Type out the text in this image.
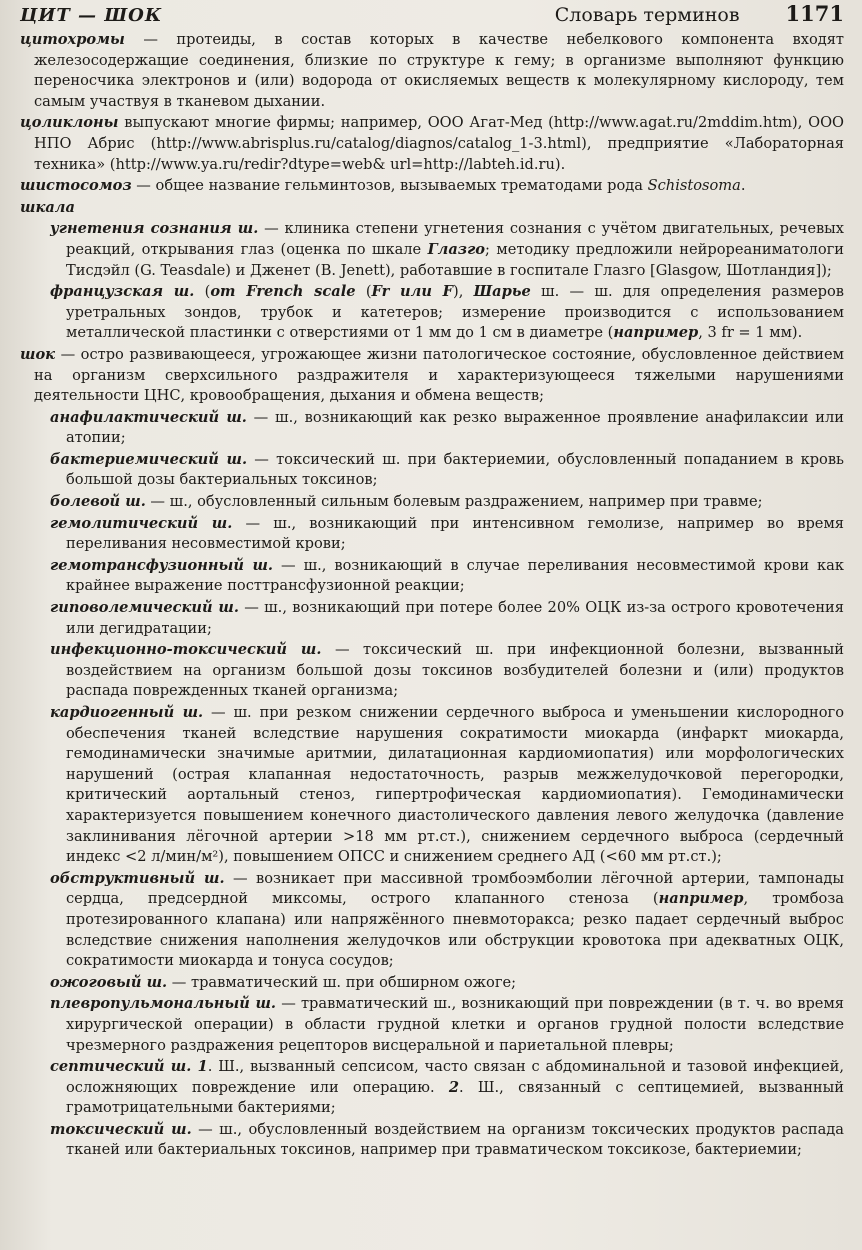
ЦИТ — ШОК	Словарь терминов 1171

цитохромы — протеиды, в состав которых в качестве небелкового компонента входят железосодержащие соединения, близкие по структуре к гему; в организме выполняют функцию переносчика электронов и (или) водорода от окисляемых веществ к молекулярному кислороду, тем самым участвуя в тканевом дыхании.

цоликлоны выпускают многие фирмы; например, ООО Агат-Мед (http://www.agat.ru/2mddim.htm), ООО НПО Абрис (http://www.abrisplus.ru/catalog/diagnos/catalog_1-3.html), предприятие «Лабораторная техника» (http://www.ya.ru/redir?dtype=web& url=http://labteh.id.ru).

шистосомоз — общее название гельминтозов, вызываемых трематодами рода Schistosoma.

шкала

угнетения сознания ш. — клиника степени угнетения сознания с учётом двигательных, речевых реакций, открывания глаз (оценка по шкале Глазго; методику предложили нейрореаниматологи Тисдэйл (G. Teasdale) и Дженет (B. Jenett), работавшие в госпитале Глазго [Glasgow, Шотландия]);

французская ш. (от French scale (Fr или F), Шарье ш. — ш. для определения размеров уретральных зондов, трубок и катетеров; измерение производится с использованием металлической пластинки с отверстиями от 1 мм до 1 см в диаметре (например, 3 fr = 1 мм).

шок — остро развивающееся, угрожающее жизни патологическое состояние, обусловленное действием на организм сверхсильного раздражителя и характеризующееся тяжелыми нарушениями деятельности ЦНС, кровообращения, дыхания и обмена веществ;

анафилактический ш. — ш., возникающий как резко выраженное проявление анафилаксии или атопии;

бактериемический ш. — токсический ш. при бактериемии, обусловленный попаданием в кровь большой дозы бактериальных токсинов;

болевой ш. — ш., обусловленный сильным болевым раздражением, например при травме;

гемолитический ш. — ш., возникающий при интенсивном гемолизе, например во время переливания несовместимой крови;

гемотрансфузионный ш. — ш., возникающий в случае переливания несовместимой крови как крайнее выражение посттрансфузионной реакции;

гиповолемический ш. — ш., возникающий при потере более 20% ОЦК из-за острого кровотечения или дегидратации;

инфекционно-токсический ш. — токсический ш. при инфекционной болезни, вызванный воздействием на организм большой дозы токсинов возбудителей болезни и (или) продуктов распада поврежденных тканей организма;

кардиогенный ш. — ш. при резком снижении сердечного выброса и уменьшении кислородного обеспечения тканей вследствие нарушения сократимости миокарда (инфаркт миокарда, гемодинамически значимые аритмии, дилатационная кардиомиопатия) или морфологических нарушений (острая клапанная недостаточность, разрыв межжелудочковой перегородки, критический аортальный стеноз, гипертрофическая кардиомиопатия). Гемодинамически характеризуется повышением конечного диастолического давления левого желудочка (давление заклинивания лёгочной артерии >18 мм рт.ст.), снижением сердечного выброса (сердечный индекс <2 л/мин/м²), повышением ОПСС и снижением среднего АД (<60 мм рт.ст.);

обструктивный ш. — возникает при массивной тромбоэмболии лёгочной артерии, тампонады сердца, предсердной миксомы, острого клапанного стеноза (например, тромбоза протезированного клапана) или напряжённого пневмоторакса; резко падает сердечный выброс вследствие снижения наполнения желудочков или обструкции кровотока при адекватных ОЦК, сократимости миокарда и тонуса сосудов;

ожоговый ш. — травматический ш. при обширном ожоге;

плевропульмональный ш. — травматический ш., возникающий при повреждении (в т. ч. во время хирургической операции) в области грудной клетки и органов грудной полости вследствие чрезмерного раздражения рецепторов висцеральной и париетальной плевры;

септический ш. 1. Ш., вызванный сепсисом, часто связан с абдоминальной и тазовой инфекцией, осложняющих повреждение или операцию. 2. Ш., связанный с септицемией, вызванный грамотрицательными бактериями;

токсический ш. — ш., обусловленный воздействием на организм токсических продуктов распада тканей или бактериальных токсинов, например при травматическом токсикозе, бактериемии;
